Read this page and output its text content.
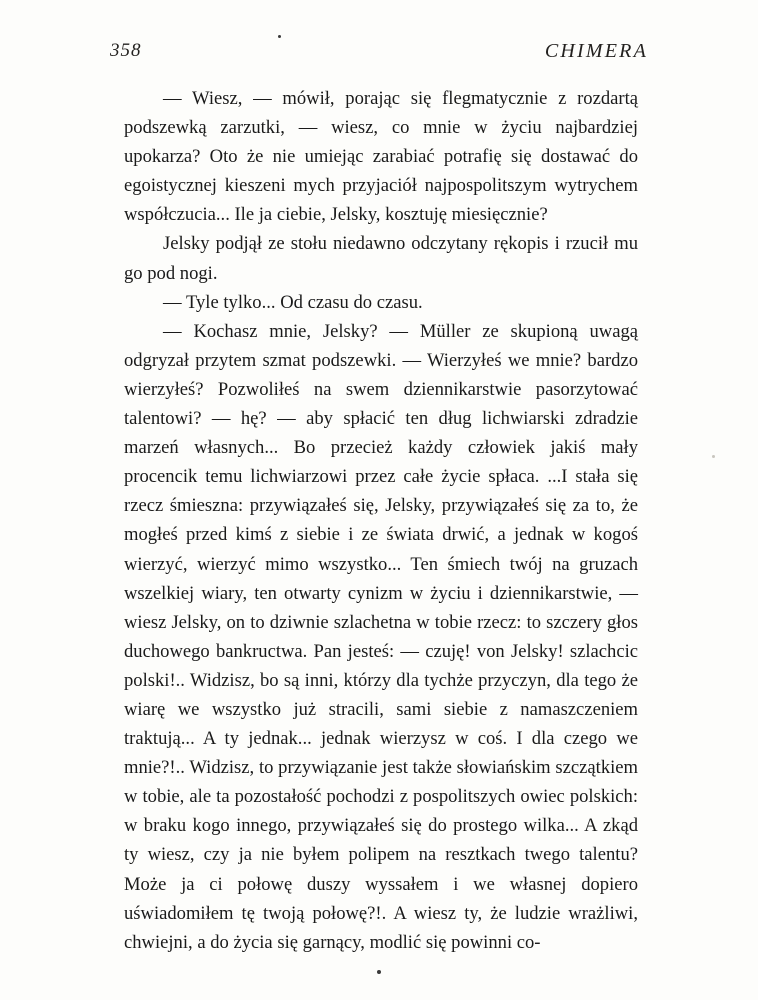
358	CHIMERA

— Wiesz, — mówił, porając się flegmatycznie z rozdartą podszewką zarzutki, — wiesz, co mnie w życiu najbardziej upokarza? Oto że nie umiejąc zarabiać potrafię się dostawać do egoistycznej kieszeni mych przyjaciół najpospolitszym wytrychem współczucia... Ile ja ciebie, Jelsky, kosztuję miesięcznie?

Jelsky podjął ze stołu niedawno odczytany rękopis i rzucił mu go pod nogi.

— Tyle tylko... Od czasu do czasu.

— Kochasz mnie, Jelsky? — Müller ze skupioną uwagą odgryzał przytem szmat podszewki. — Wierzyłeś we mnie? bardzo wierzyłeś? Pozwoliłeś na swem dziennikarstwie pasorzytować talentowi? — hę? — aby spłacić ten dług lichwiarski zdradzie marzeń własnych... Bo przecież każdy człowiek jakiś mały procencik temu lichwiarzowi przez całe życie spłaca. ...I stała się rzecz śmieszna: przywiązałeś się, Jelsky, przywiązałeś się za to, że mogłeś przed kimś z siebie i ze świata drwić, a jednak w kogoś wierzyć, wierzyć mimo wszystko... Ten śmiech twój na gruzach wszelkiej wiary, ten otwarty cynizm w życiu i dziennikarstwie, — wiesz Jelsky, on to dziwnie szlachetna w tobie rzecz: to szczery głos duchowego bankructwa. Pan jesteś: — czuję! von Jelsky! szlachcic polski!.. Widzisz, bo są inni, którzy dla tychże przyczyn, dla tego że wiarę we wszystko już stracili, sami siebie z namaszczeniem traktują... A ty jednak... jednak wierzysz w coś. I dla czego we mnie?!.. Widzisz, to przywiązanie jest także słowiańskim szczątkiem w tobie, ale ta pozostałość pochodzi z pospolitszych owiec polskich: w braku kogo innego, przywiązałeś się do prostego wilka... A zkąd ty wiesz, czy ja nie byłem polipem na resztkach twego talentu? Może ja ci połowę duszy wyssałem i we własnej dopiero uświadomiłem tę twoją połowę?!. A wiesz ty, że ludzie wrażliwi, chwiejni, a do życia się garnący, modlić się powinni co-
